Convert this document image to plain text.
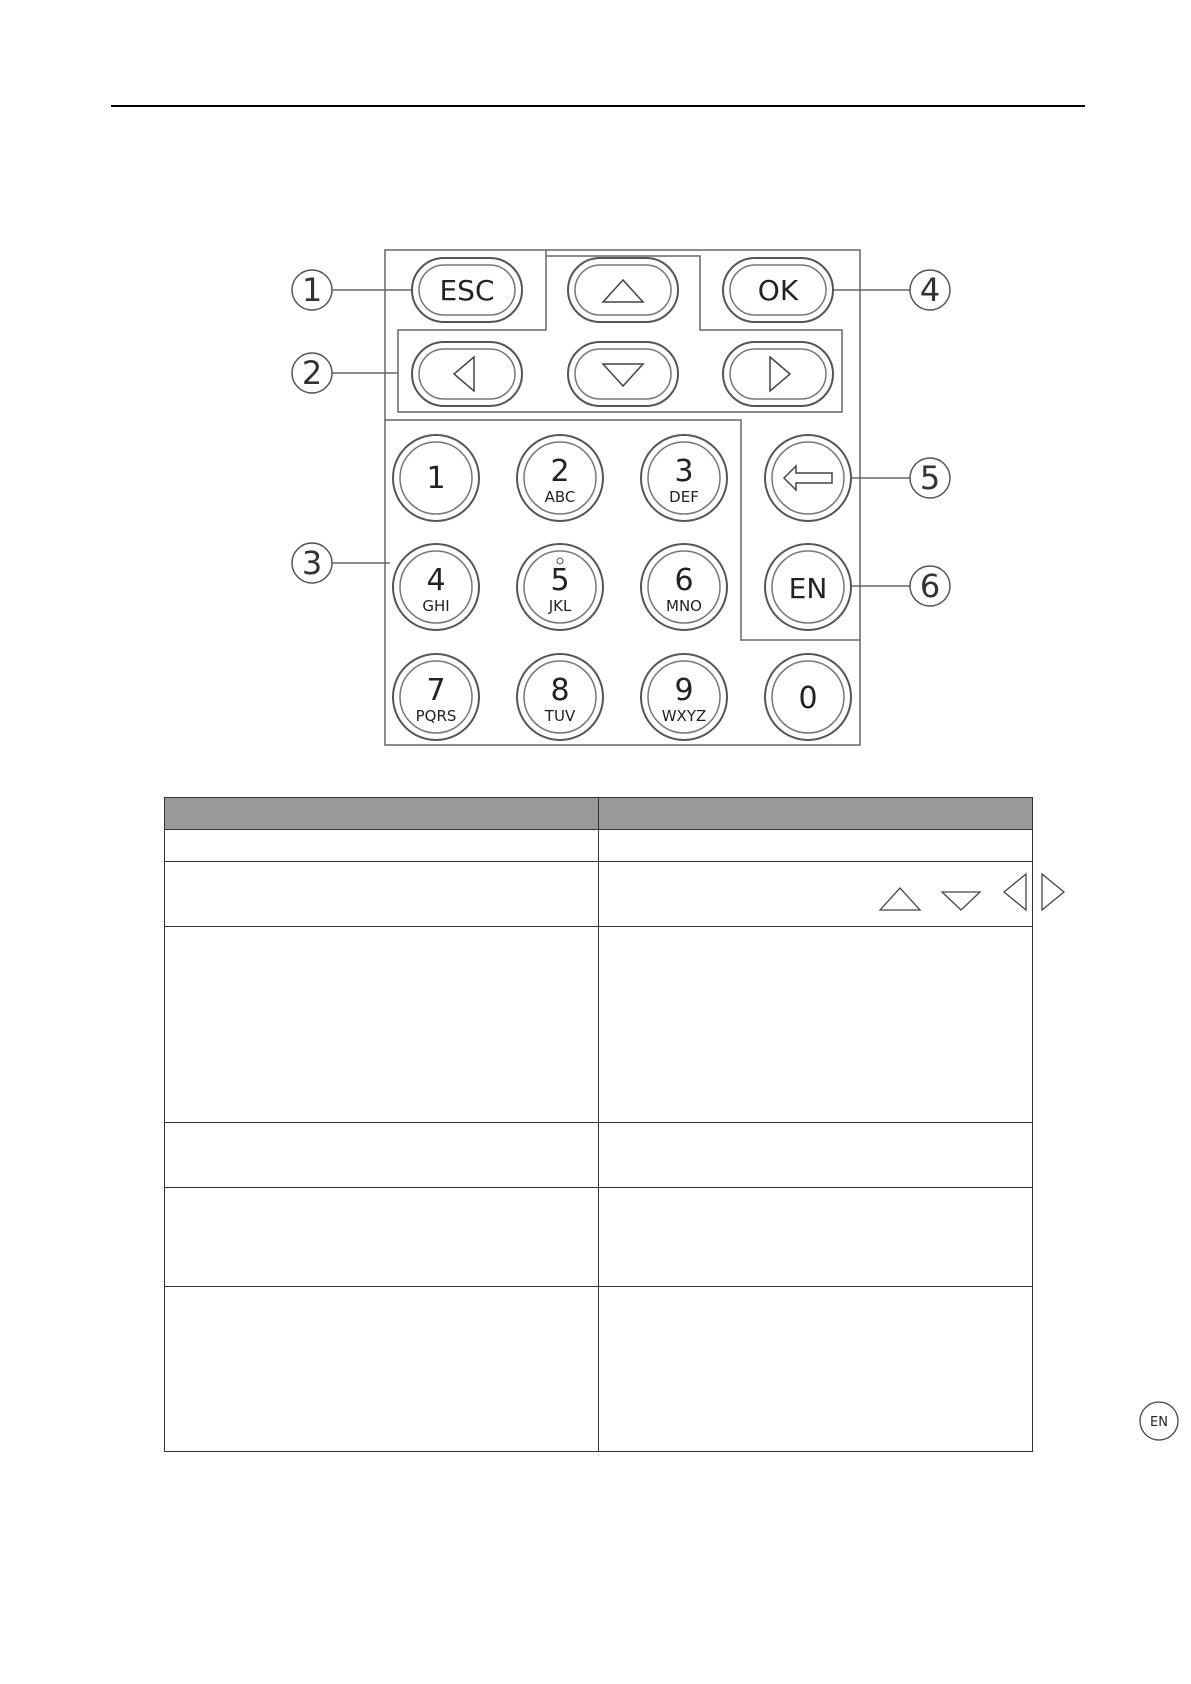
1
2
3
4
5
6
ESC	OK
1	2
ABC
3
DEF
4
GHI
5
JKL
6
MNO
7
PQRS
8
TUV
9
WXYZ	0
EN

EN
